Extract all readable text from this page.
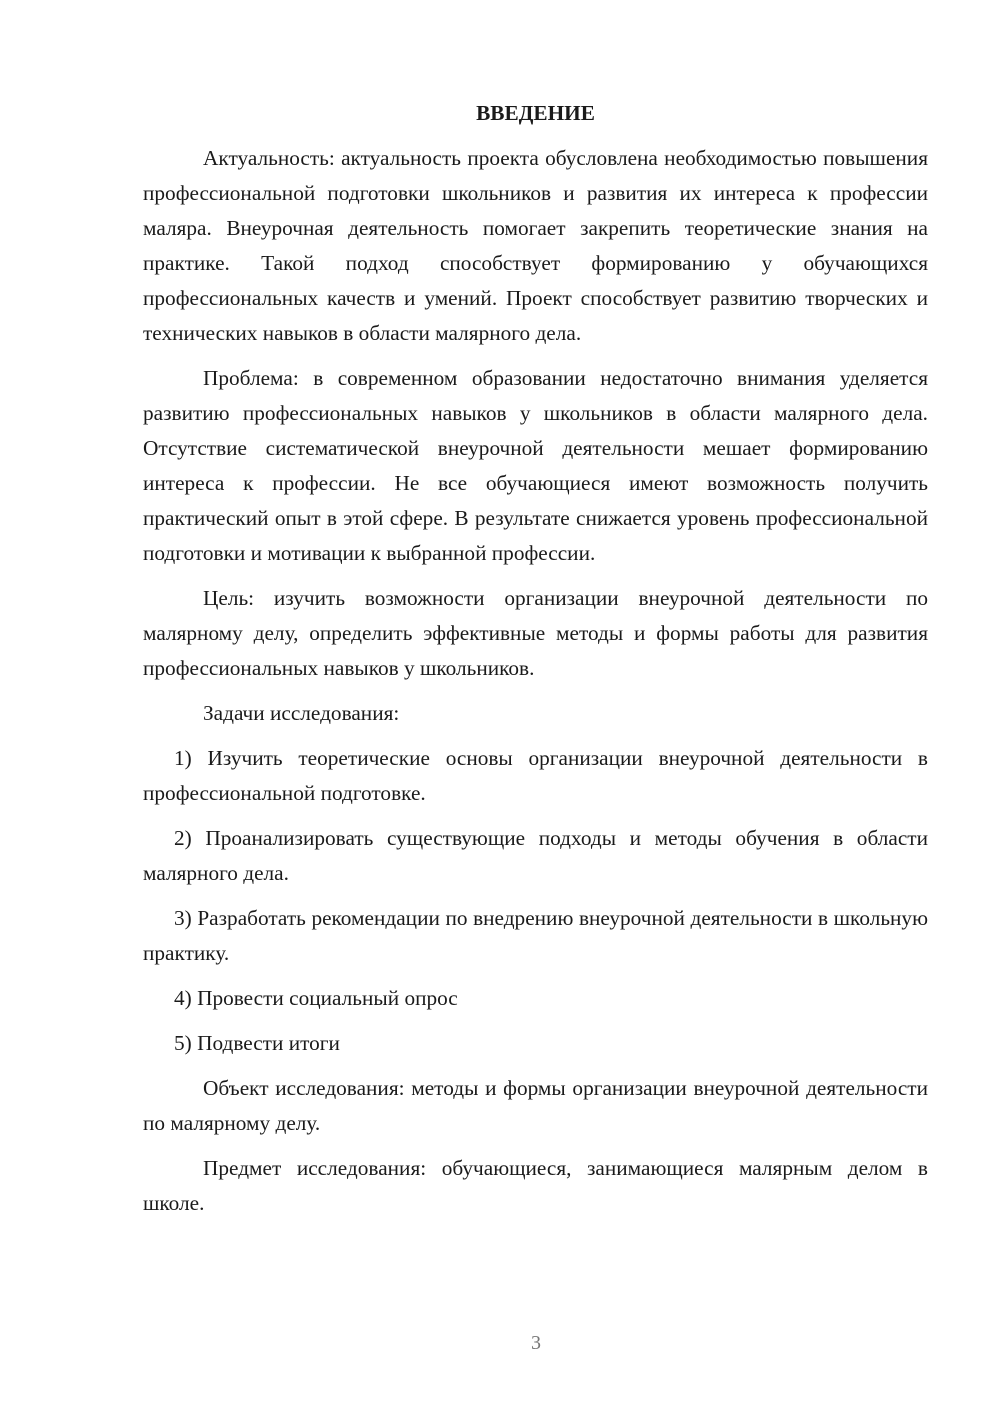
ВВЕДЕНИЕ

Актуальность: актуальность проекта обусловлена необходимостью повышения профессиональной подготовки школьников и развития их интереса к профессии маляра. Внеурочная деятельность помогает закрепить теоретические знания на практике. Такой подход способствует формированию у обучающихся профессиональных качеств и умений. Проект способствует развитию творческих и технических навыков в области малярного дела.

Проблема: в современном образовании недостаточно внимания уделяется развитию профессиональных навыков у школьников в области малярного дела. Отсутствие систематической внеурочной деятельности мешает формированию интереса к профессии. Не все обучающиеся имеют возможность получить практический опыт в этой сфере. В результате снижается уровень профессиональной подготовки и мотивации к выбранной профессии.

Цель: изучить возможности организации внеурочной деятельности по малярному делу, определить эффективные методы и формы работы для развития профессиональных навыков у школьников.

Задачи исследования:

1) Изучить теоретические основы организации внеурочной деятельности в профессиональной подготовке.

2) Проанализировать существующие подходы и методы обучения в области малярного дела.

3) Разработать рекомендации по внедрению внеурочной деятельности в школьную практику.

4) Провести социальный опрос

5) Подвести итоги

Объект исследования: методы и формы организации внеурочной деятельности по малярному делу.

Предмет исследования: обучающиеся, занимающиеся малярным делом в школе.

3
